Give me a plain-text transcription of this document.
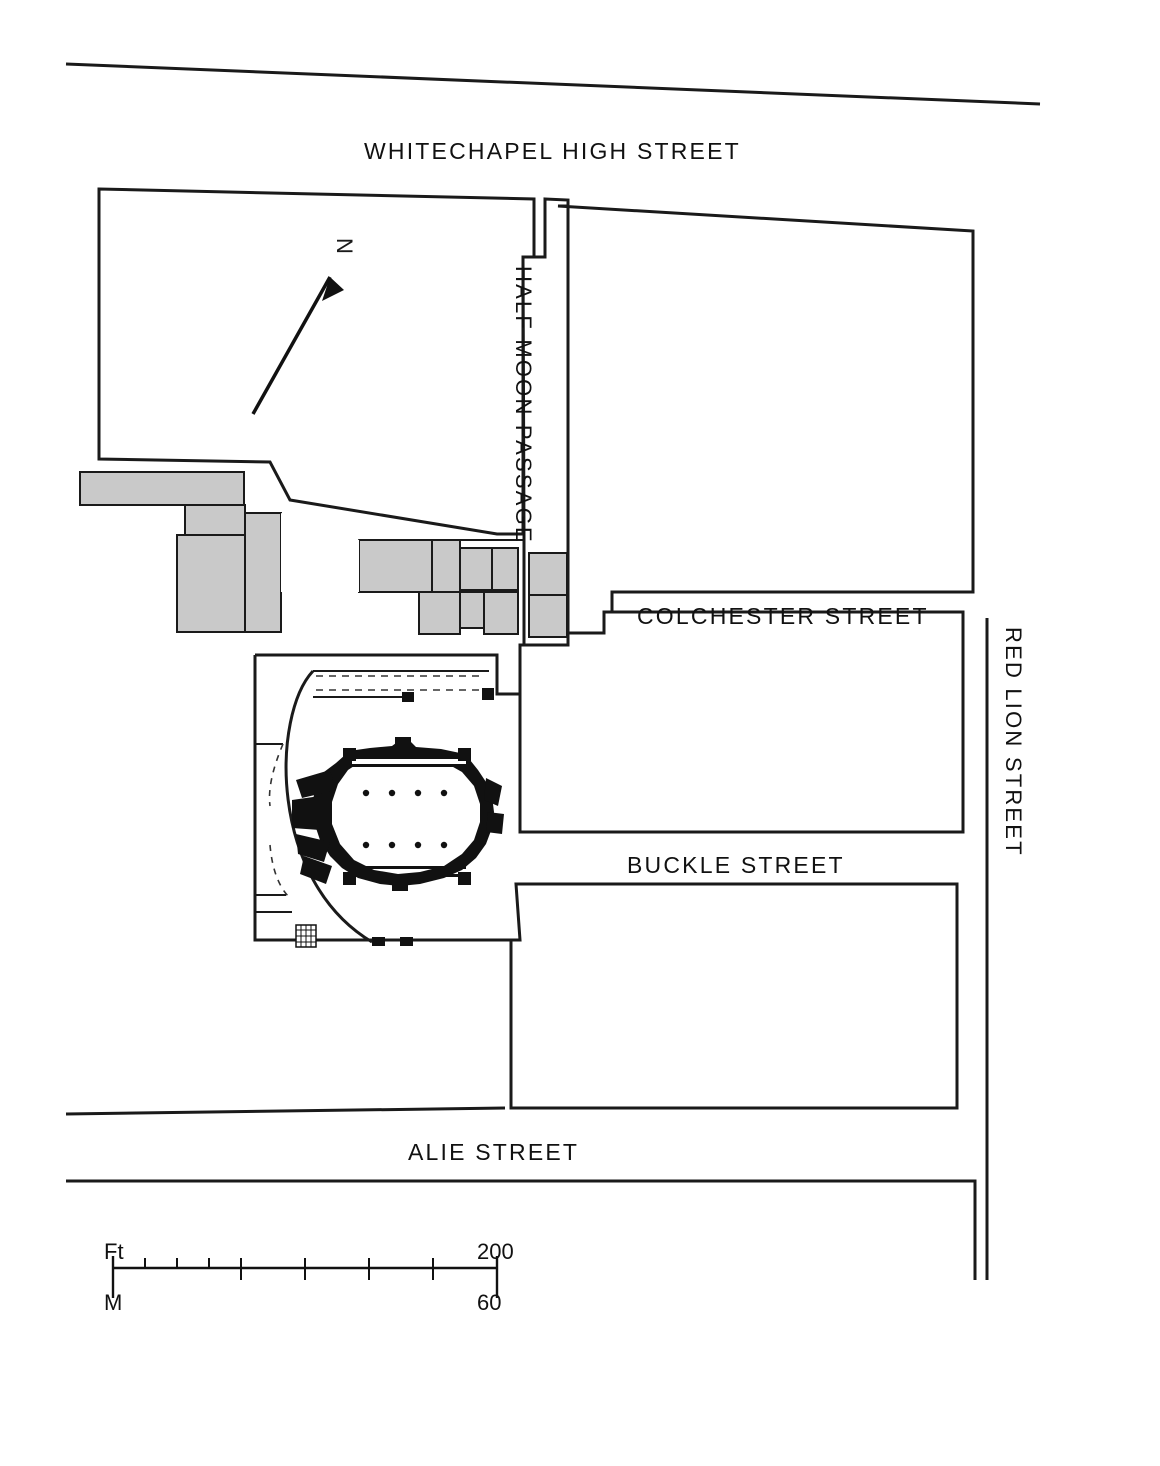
WHITECHAPEL HIGH STREET
COLCHESTER STREET
BUCKLE STREET
ALIE STREET
RED LION STREET
N
Ft	200
M	60
